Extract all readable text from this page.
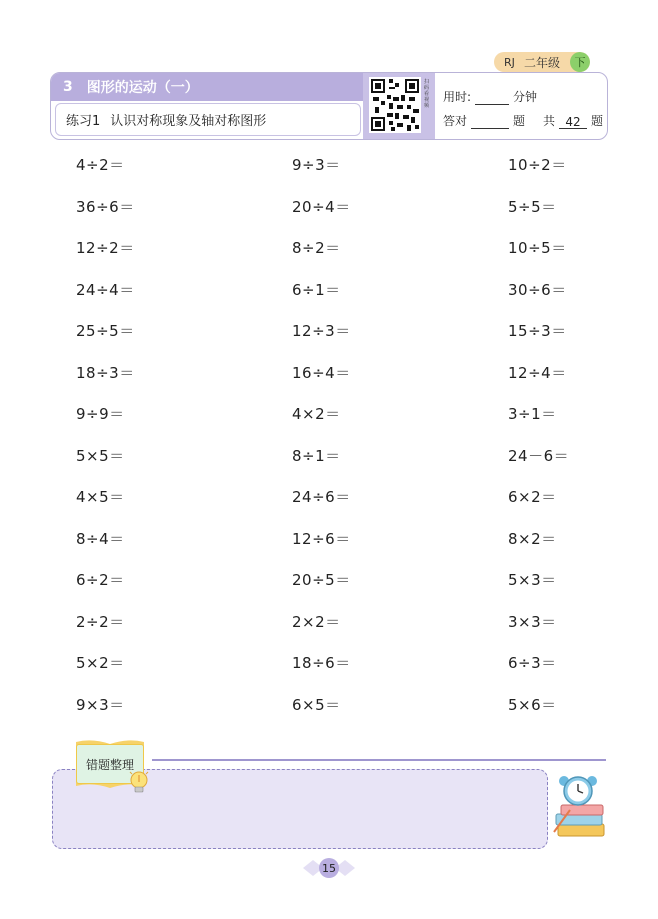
RJ 二年级	下
3 图形的运动（一）
练习1 认识对称现象及轴对称图形
扫码看视频
用时:	分钟
答对	题 共 42 题
4÷2＝	9÷3＝	10÷2＝
36÷6＝	20÷4＝	5÷5＝
12÷2＝	8÷2＝	10÷5＝
24÷4＝	6÷1＝	30÷6＝
25÷5＝	12÷3＝	15÷3＝
18÷3＝	16÷4＝	12÷4＝
9÷9＝	4×2＝	3÷1＝
5×5＝	8÷1＝	24－6＝
4×5＝	24÷6＝	6×2＝
8÷4＝	12÷6＝	8×2＝
6÷2＝	20÷5＝	5×3＝
2÷2＝	2×2＝	3×3＝
5×2＝	18÷6＝	6÷3＝
9×3＝	6×5＝	5×6＝
错题整理
15
